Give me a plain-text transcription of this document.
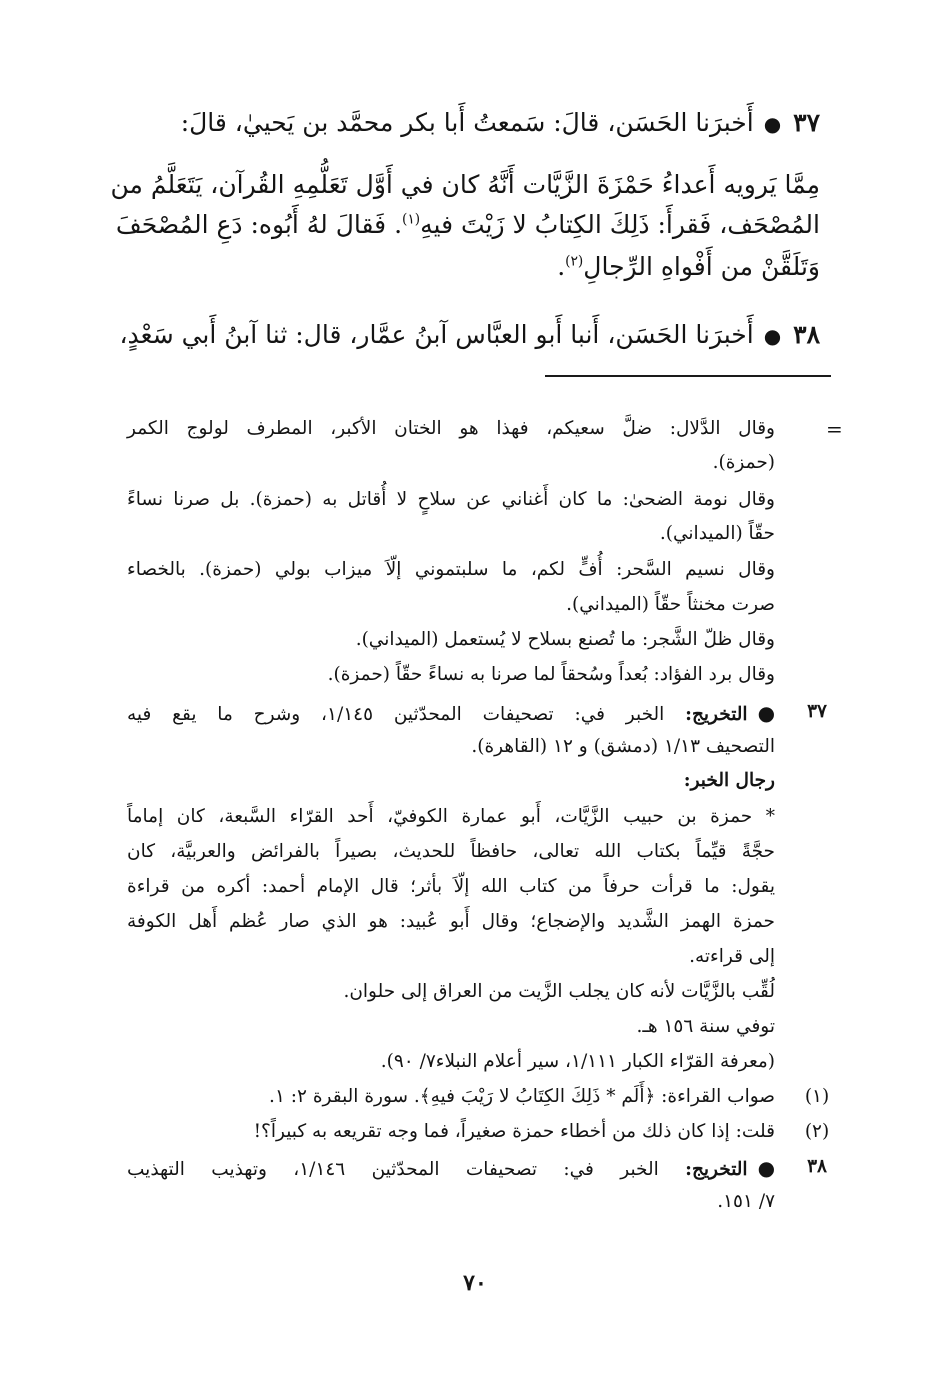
٣٧●أَخبرَنا الحَسَن، قالَ: سَمعتُ أَبا بكر محمَّد بن يَحييٰ، قالَ:
مِمَّا يَرويه أَعداءُ حَمْزَةَ الزَّيَّات أَنَّهُ كان في أَوَّل تَعَلُّمِهِ القُرآن، يَتَعَلَّمُ من
المُصْحَف، فَقرأَ: ذَلِكَ الكِتابُ لا زَيْتَ فيهِ$^{(١)}$. فَقالَ لهُ أَبُوه: دَعِ المُصْحَفَ
وَتَلَقَّنْ من أَفْواهِ الرِّجالِ$^{(٢)}$.
٣٨●أَخبرَنا الحَسَن، أَنبا أَبو العبَّاس آبنُ عمَّار، قال: ثنا آبنُ أَبي سَعْدٍ،
=
وقال الدَّلال: ضلَّ سعيكم، فهذا هو الختان الأكبر، المطرف لولوج الكمر
(حمزة).
وقال نومة الضحىٰ: ما كان أَغناني عن سلاحٍ لا أُقاتل به (حمزة). بل صرنا نساءً
حقّاً (الميداني).
وقال نسيم السَّحر: أُفٍّ لكم، ما سلبتموني إلّاَ ميزاب بولي (حمزة). بالخصاء
صرت مخنثاً حقّاً (الميداني).
وقال ظلّ الشَّجر: ما تُصنع بسلاح لا يُستعمل (الميداني).
وقال برد الفؤاد: بُعداً وسُحقاً لما صرنا به نساءً حقّاً (حمزة).
٣٧
●التخريج: الخبر في: تصحيفات المحدّثين ١/١٤٥، وشرح ما يقع فيه
التصحيف ١/١٣ (دمشق) و ١٢ (القاهرة).
رجال الخبر:
* حمزة بن حبيب الزَّيَّات، أَبو عمارة الكوفيّ، أَحد القرّاء السَّبعة، كان إماماً
حجَّةً قيِّماً بكتاب الله تعالى، حافظاً للحديث، بصيراً بالفرائض والعربيَّة، كان
يقول: ما قرأت حرفاً من كتاب الله إلّاَ بأثر؛ قال الإمام أحمد: أكره من قراءة
حمزة الهمز الشَّديد والإضجاع؛ وقال أَبو عُبيد: هو الذي صار عُظم أَهل الكوفة
إلى قراءته.
لُقِّب بالزَّيَّات لأنه كان يجلب الزَّيت من العراق إلى حلوان.
توفي سنة ١٥٦ هـ.
(معرفة القرّاء الكبار ١/١١١، سير أعلام النبلاء٧/ ٩٠).
(١)
صواب القراءة: ﴿أَلَم * ذَلِكَ الكِتَابُ لا رَيْبَ فيهِ﴾. سورة البقرة ٢: ١.
(٢)
قلت: إذا كان ذلك من أخطاء حمزة صغيراً، فما وجه تقريعه به كبيراً؟!
٣٨
●التخريج: الخبر في: تصحيفات المحدّثين ١/١٤٦، وتهذيب التهذيب
٧/ ١٥١.
٧٠
